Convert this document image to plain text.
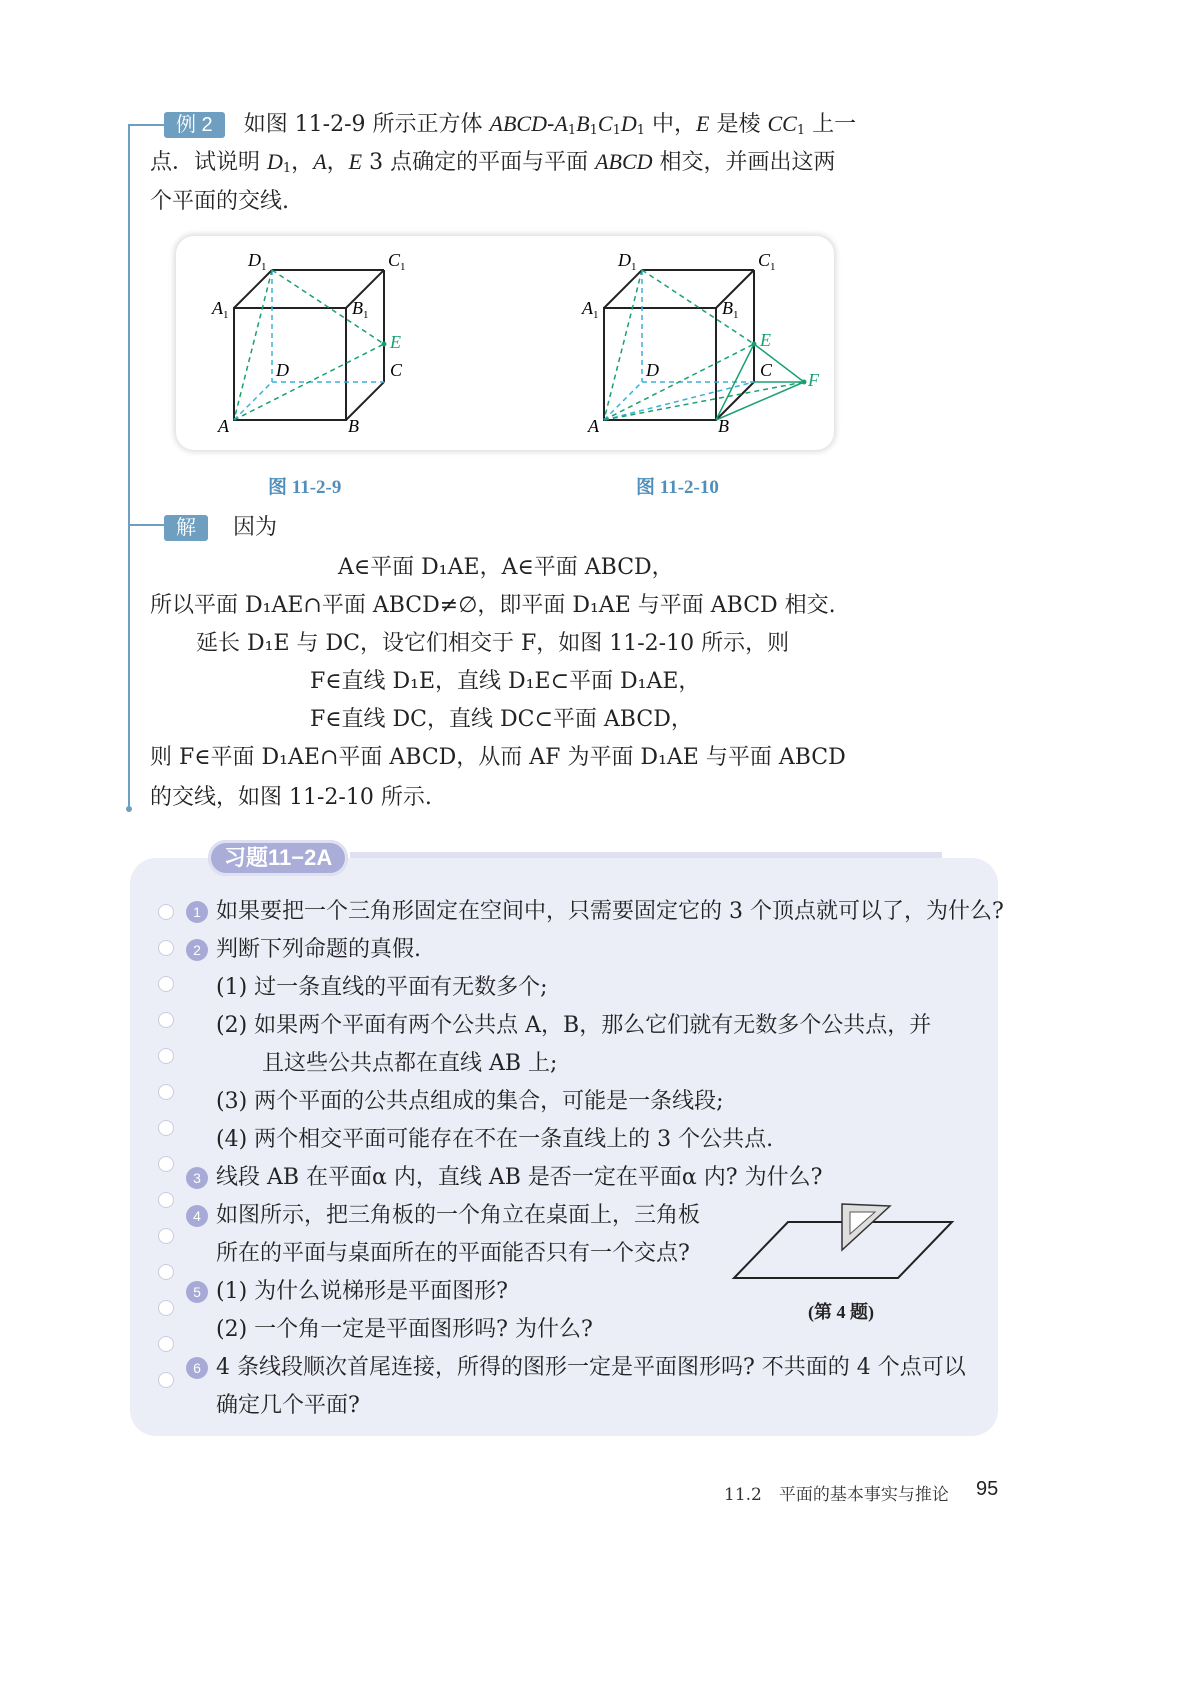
例 2 如图 11-2-9 所示正方体 ABCD-$A_1B_1C_1D_1$ 中，E 是棱 $CC_1$ 上一
点．试说明 $D_1$，A，E 3 点确定的平面与平面 ABCD 相交，并画出这两
个平面的交线.
$D_1$	$C_1$
$A_1$	$B_1$
E
D	C
A	B
$D_1$	$C_1$
$A_1$	$B_1$
E
D	C F
A	B
图 11-2-9	图 11-2-10
解 因为
A∈平面 D₁AE，A∈平面 ABCD，
所以平面 D₁AE∩平面 ABCD≠∅，即平面 D₁AE 与平面 ABCD 相交.
延长 D₁E 与 DC，设它们相交于 F，如图 11-2-10 所示，则
F∈直线 D₁E，直线 D₁E⊂平面 D₁AE，
F∈直线 DC，直线 DC⊂平面 ABCD，
则 F∈平面 D₁AE∩平面 ABCD，从而 AF 为平面 D₁AE 与平面 ABCD
的交线，如图 11-2-10 所示.
习题11−2A
1 如果要把一个三角形固定在空间中，只需要固定它的 3 个顶点就可以了，为什么?
2 判断下列命题的真假.
(1) 过一条直线的平面有无数多个;
(2) 如果两个平面有两个公共点 A，B，那么它们就有无数多个公共点，并
且这些公共点都在直线 AB 上;
(3) 两个平面的公共点组成的集合，可能是一条线段;
(4) 两个相交平面可能存在不在一条直线上的 3 个公共点.
3 线段 AB 在平面α 内，直线 AB 是否一定在平面α 内? 为什么?
4 如图所示，把三角板的一个角立在桌面上，三角板
所在的平面与桌面所在的平面能否只有一个交点?
5 (1) 为什么说梯形是平面图形?
(2) 一个角一定是平面图形吗? 为什么?
6 4 条线段顺次首尾连接，所得的图形一定是平面图形吗? 不共面的 4 个点可以
确定几个平面?
(第 4 题)
11.2　平面的基本事实与推论 95
